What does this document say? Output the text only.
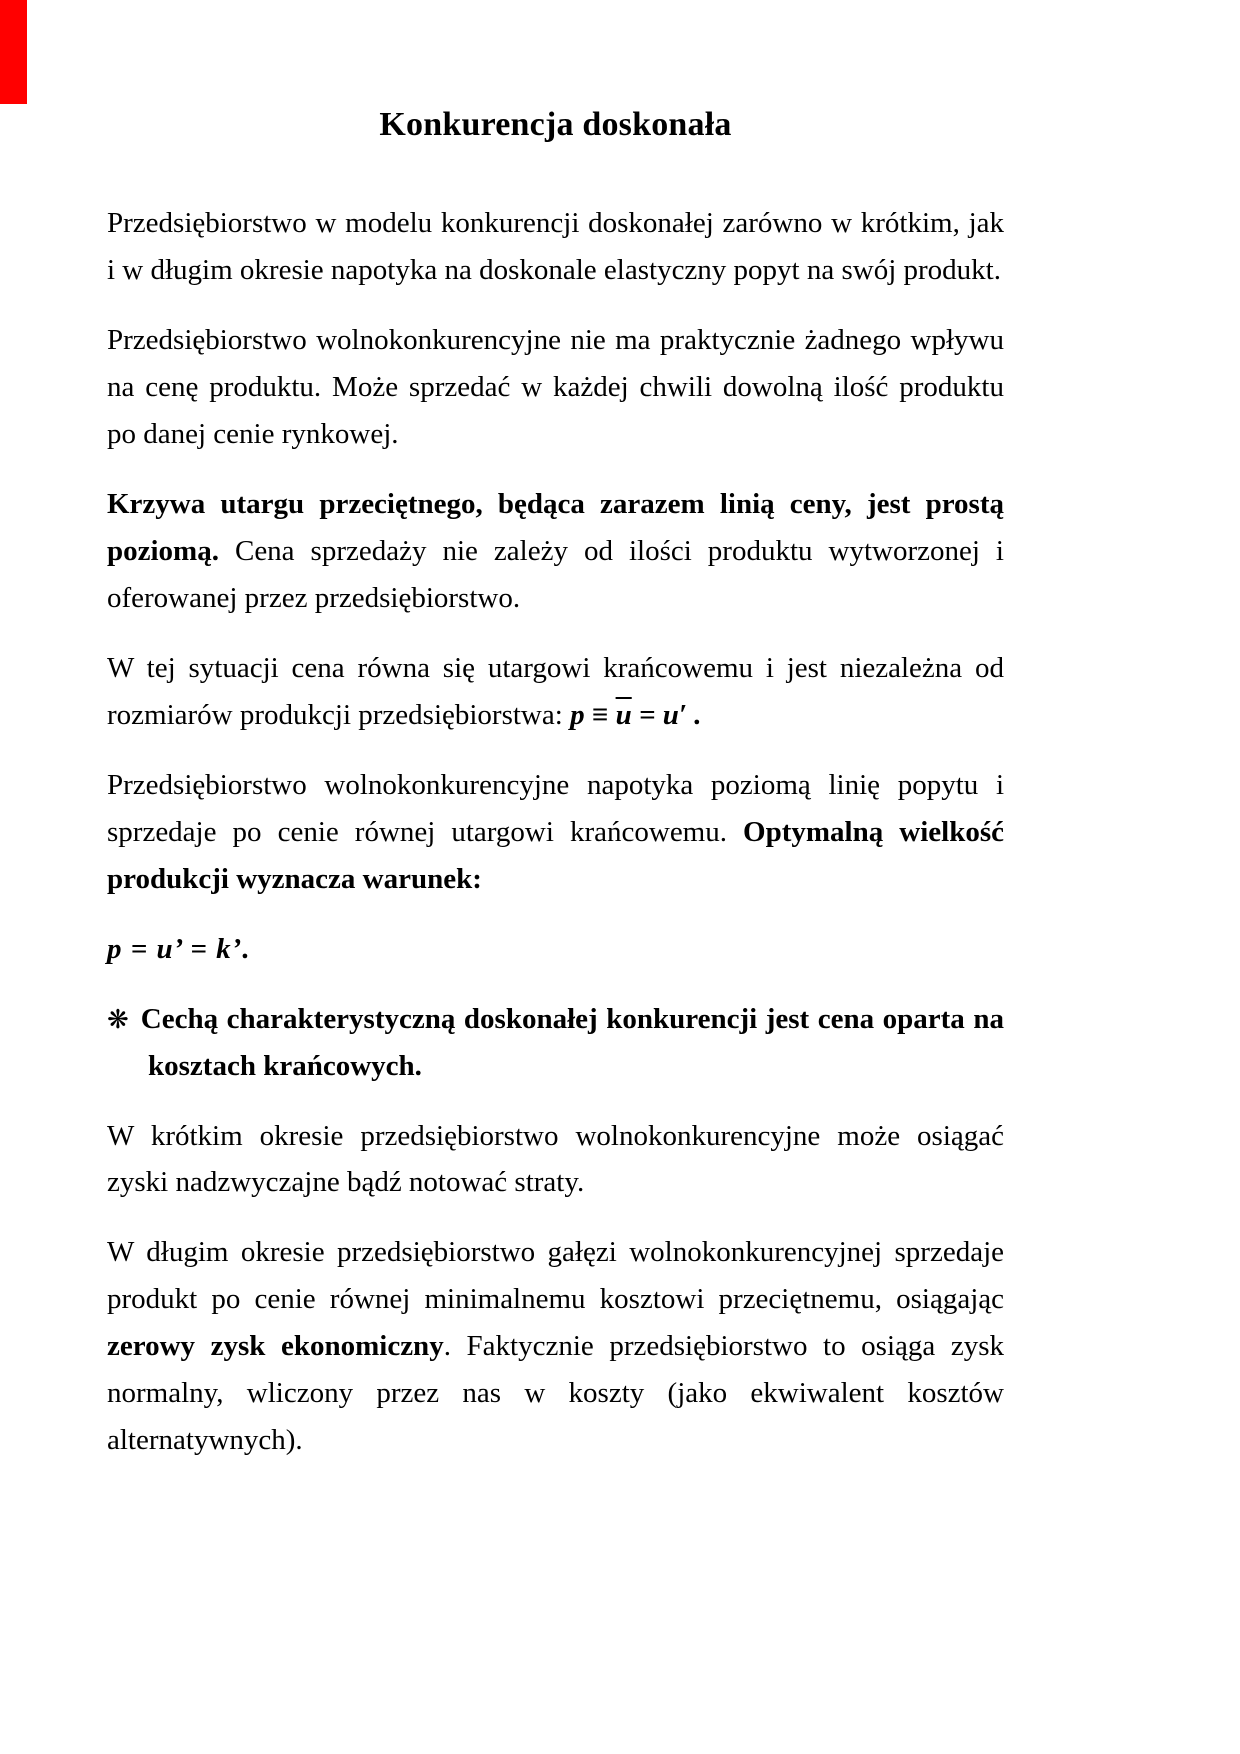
Konkurencja doskonała

Przedsiębiorstwo w modelu konkurencji doskonałej zarówno w krótkim, jak i w długim okresie napotyka na doskonale elastyczny popyt na swój produkt.

Przedsiębiorstwo wolnokonkurencyjne nie ma praktycznie żadnego wpływu na cenę produktu. Może sprzedać w każdej chwili dowolną ilość produktu po danej cenie rynkowej.

Krzywa utargu przeciętnego, będąca zarazem linią ceny, jest prostą poziomą. Cena sprzedaży nie zależy od ilości produktu wytworzonej i oferowanej przez przedsiębiorstwo.

W tej sytuacji cena równa się utargowi krańcowemu i jest niezależna od rozmiarów produkcji przedsiębiorstwa: $p \equiv \overline{u} = u'$ .

Przedsiębiorstwo wolnokonkurencyjne napotyka poziomą linię popytu i sprzedaje po cenie równej utargowi krańcowemu. Optymalną wielkość produkcji wyznacza warunek:

p = u’ = k’.

❋ Cechą charakterystyczną doskonałej konkurencji jest cena oparta na kosztach krańcowych.

W krótkim okresie przedsiębiorstwo wolnokonkurencyjne może osiągać zyski nadzwyczajne bądź notować straty.

W długim okresie przedsiębiorstwo gałęzi wolnokonkurencyjnej sprzedaje produkt po cenie równej minimalnemu kosztowi przeciętnemu, osiągając zerowy zysk ekonomiczny. Faktycznie przedsiębiorstwo to osiąga zysk normalny, wliczony przez nas w koszty (jako ekwiwalent kosztów alternatywnych).
